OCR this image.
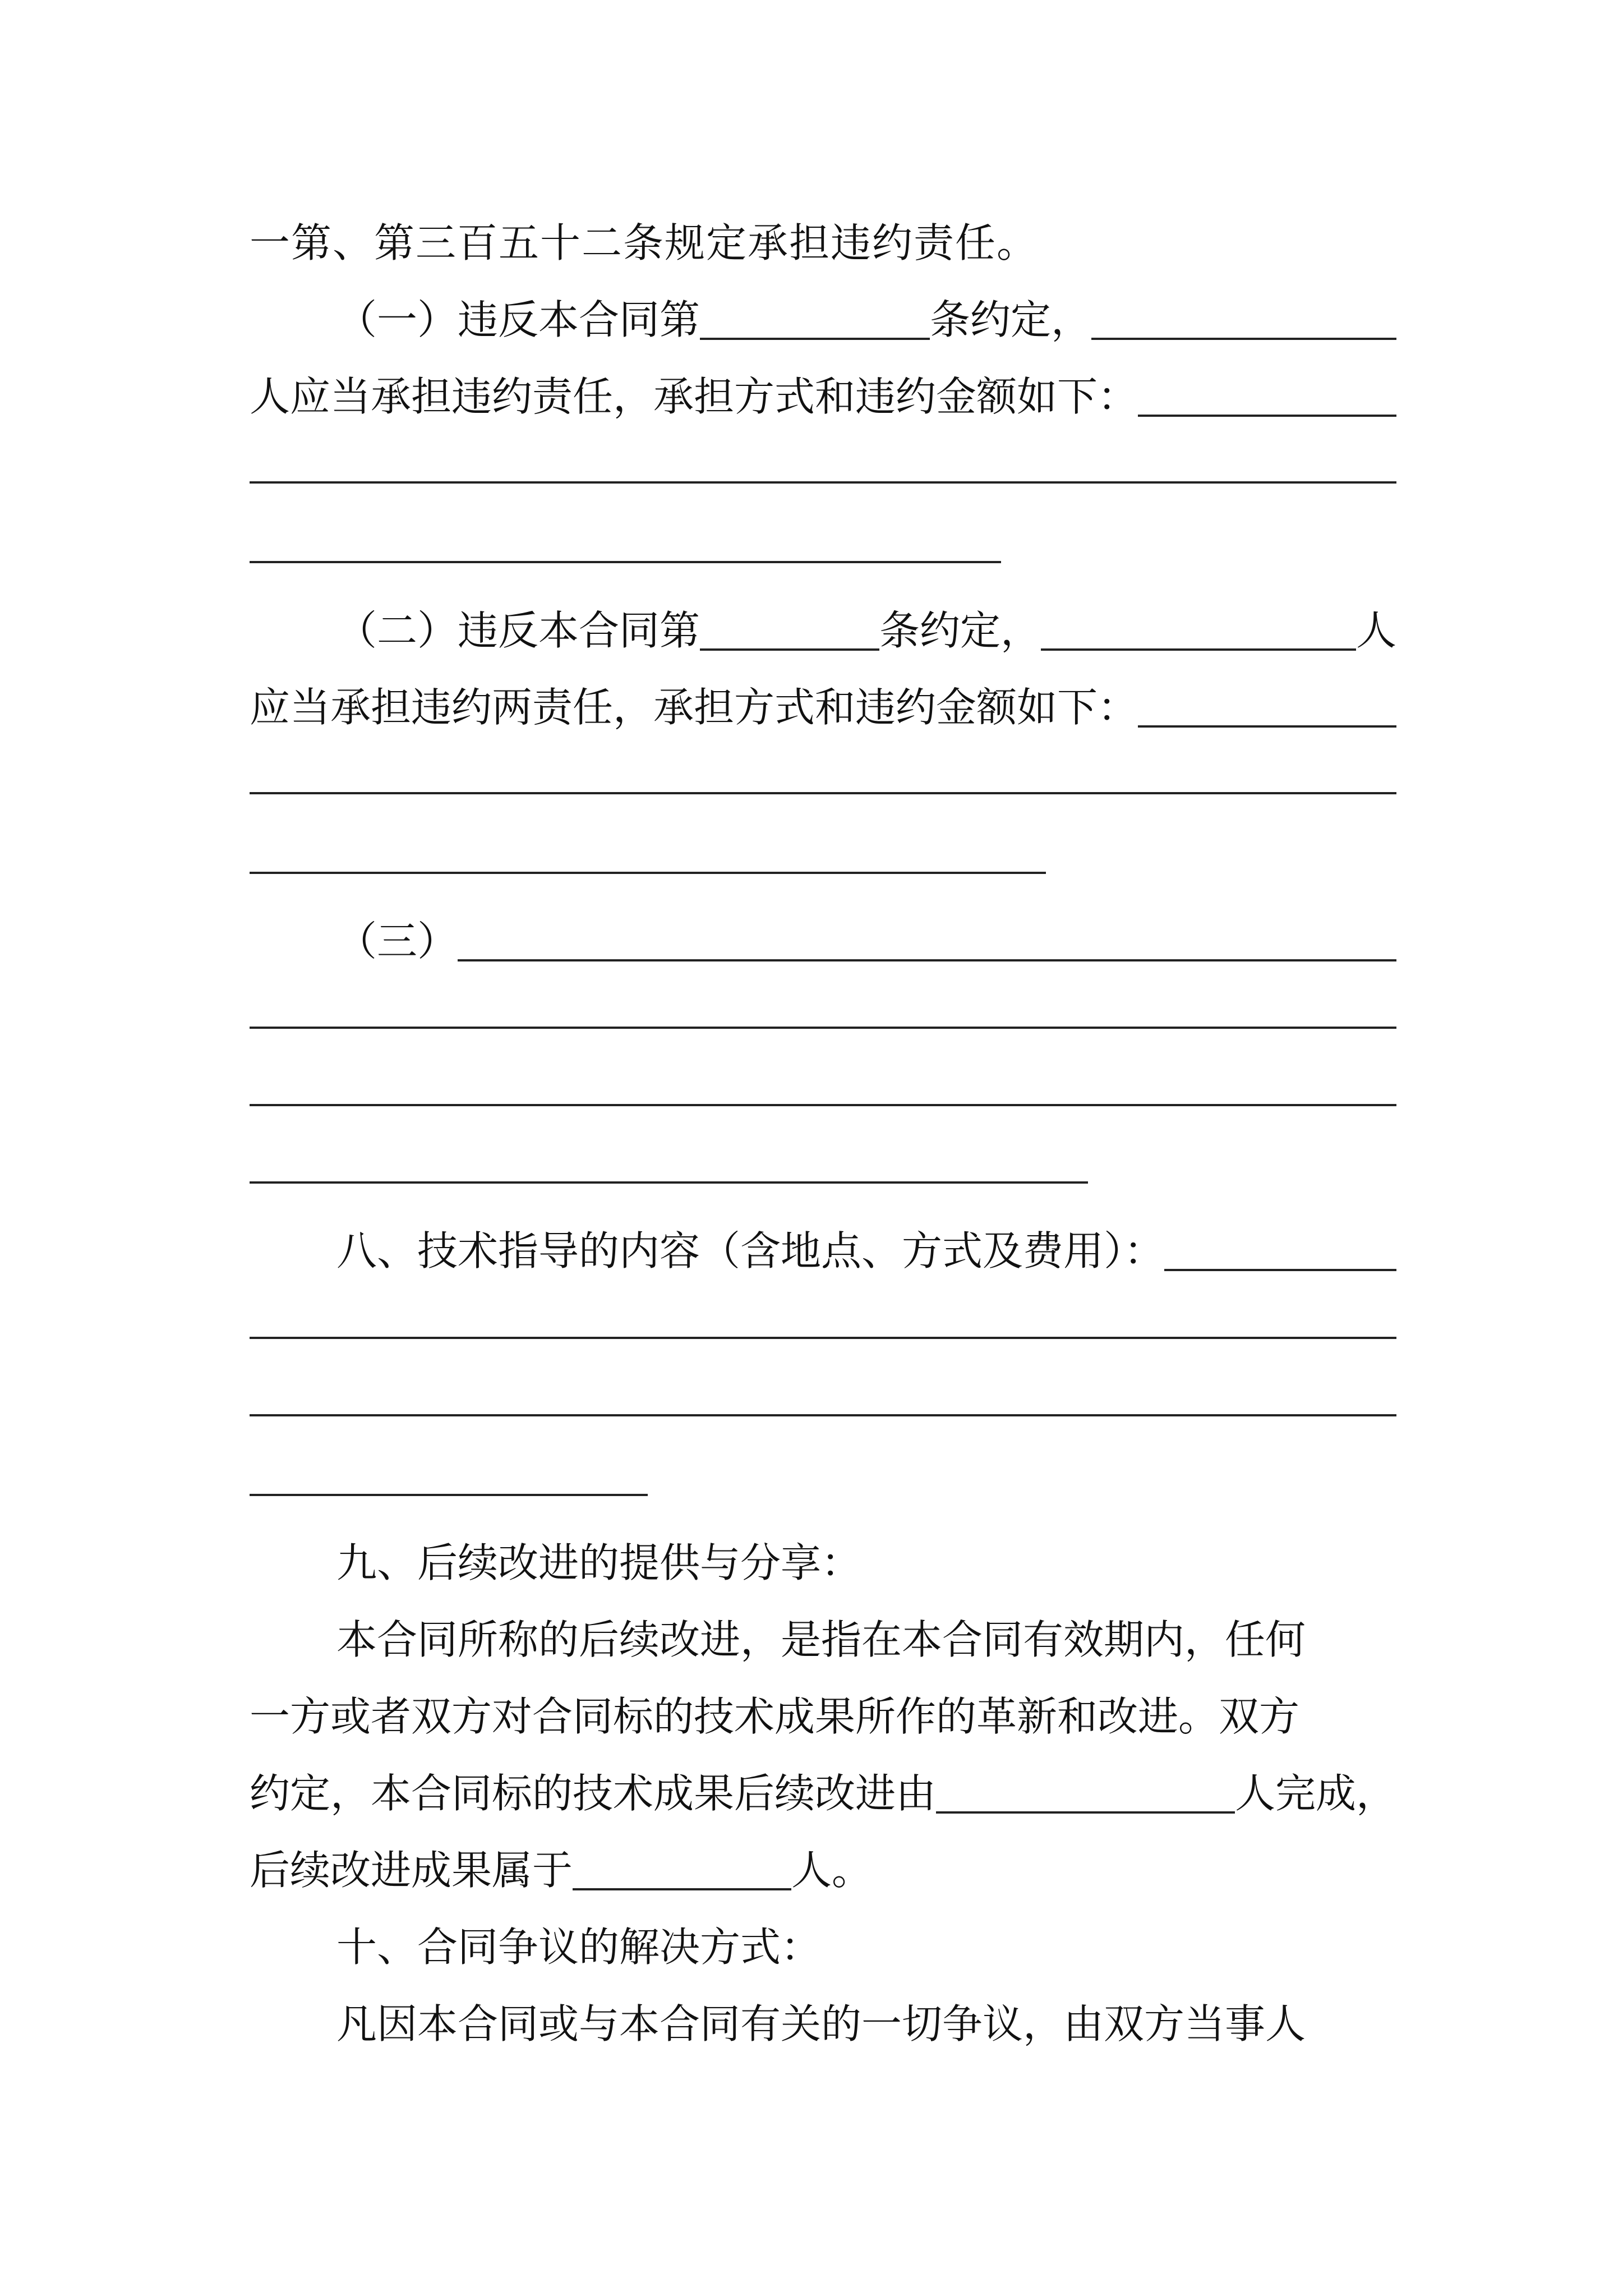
一第、第三百五十二条规定承担违约责任。
（一）违反本合同第	条约定，
人应当承担违约责任，承担方式和违约金额如下：
（二）违反本合同第	条约定，	人
应当承担违约两责任，承担方式和违约金额如下：
（三）
八、技术指导的内容（含地点、方式及费用）：
九、后续改进的提供与分享：
本合同所称的后续改进，是指在本合同有效期内，任何
一方或者双方对合同标的技术成果所作的革新和改进。双方
约定，本合同标的技术成果后续改进由	人完成，
后续改进成果属于	人。
十、合同争议的解决方式：
凡因本合同或与本合同有关的一切争议，由双方当事人
